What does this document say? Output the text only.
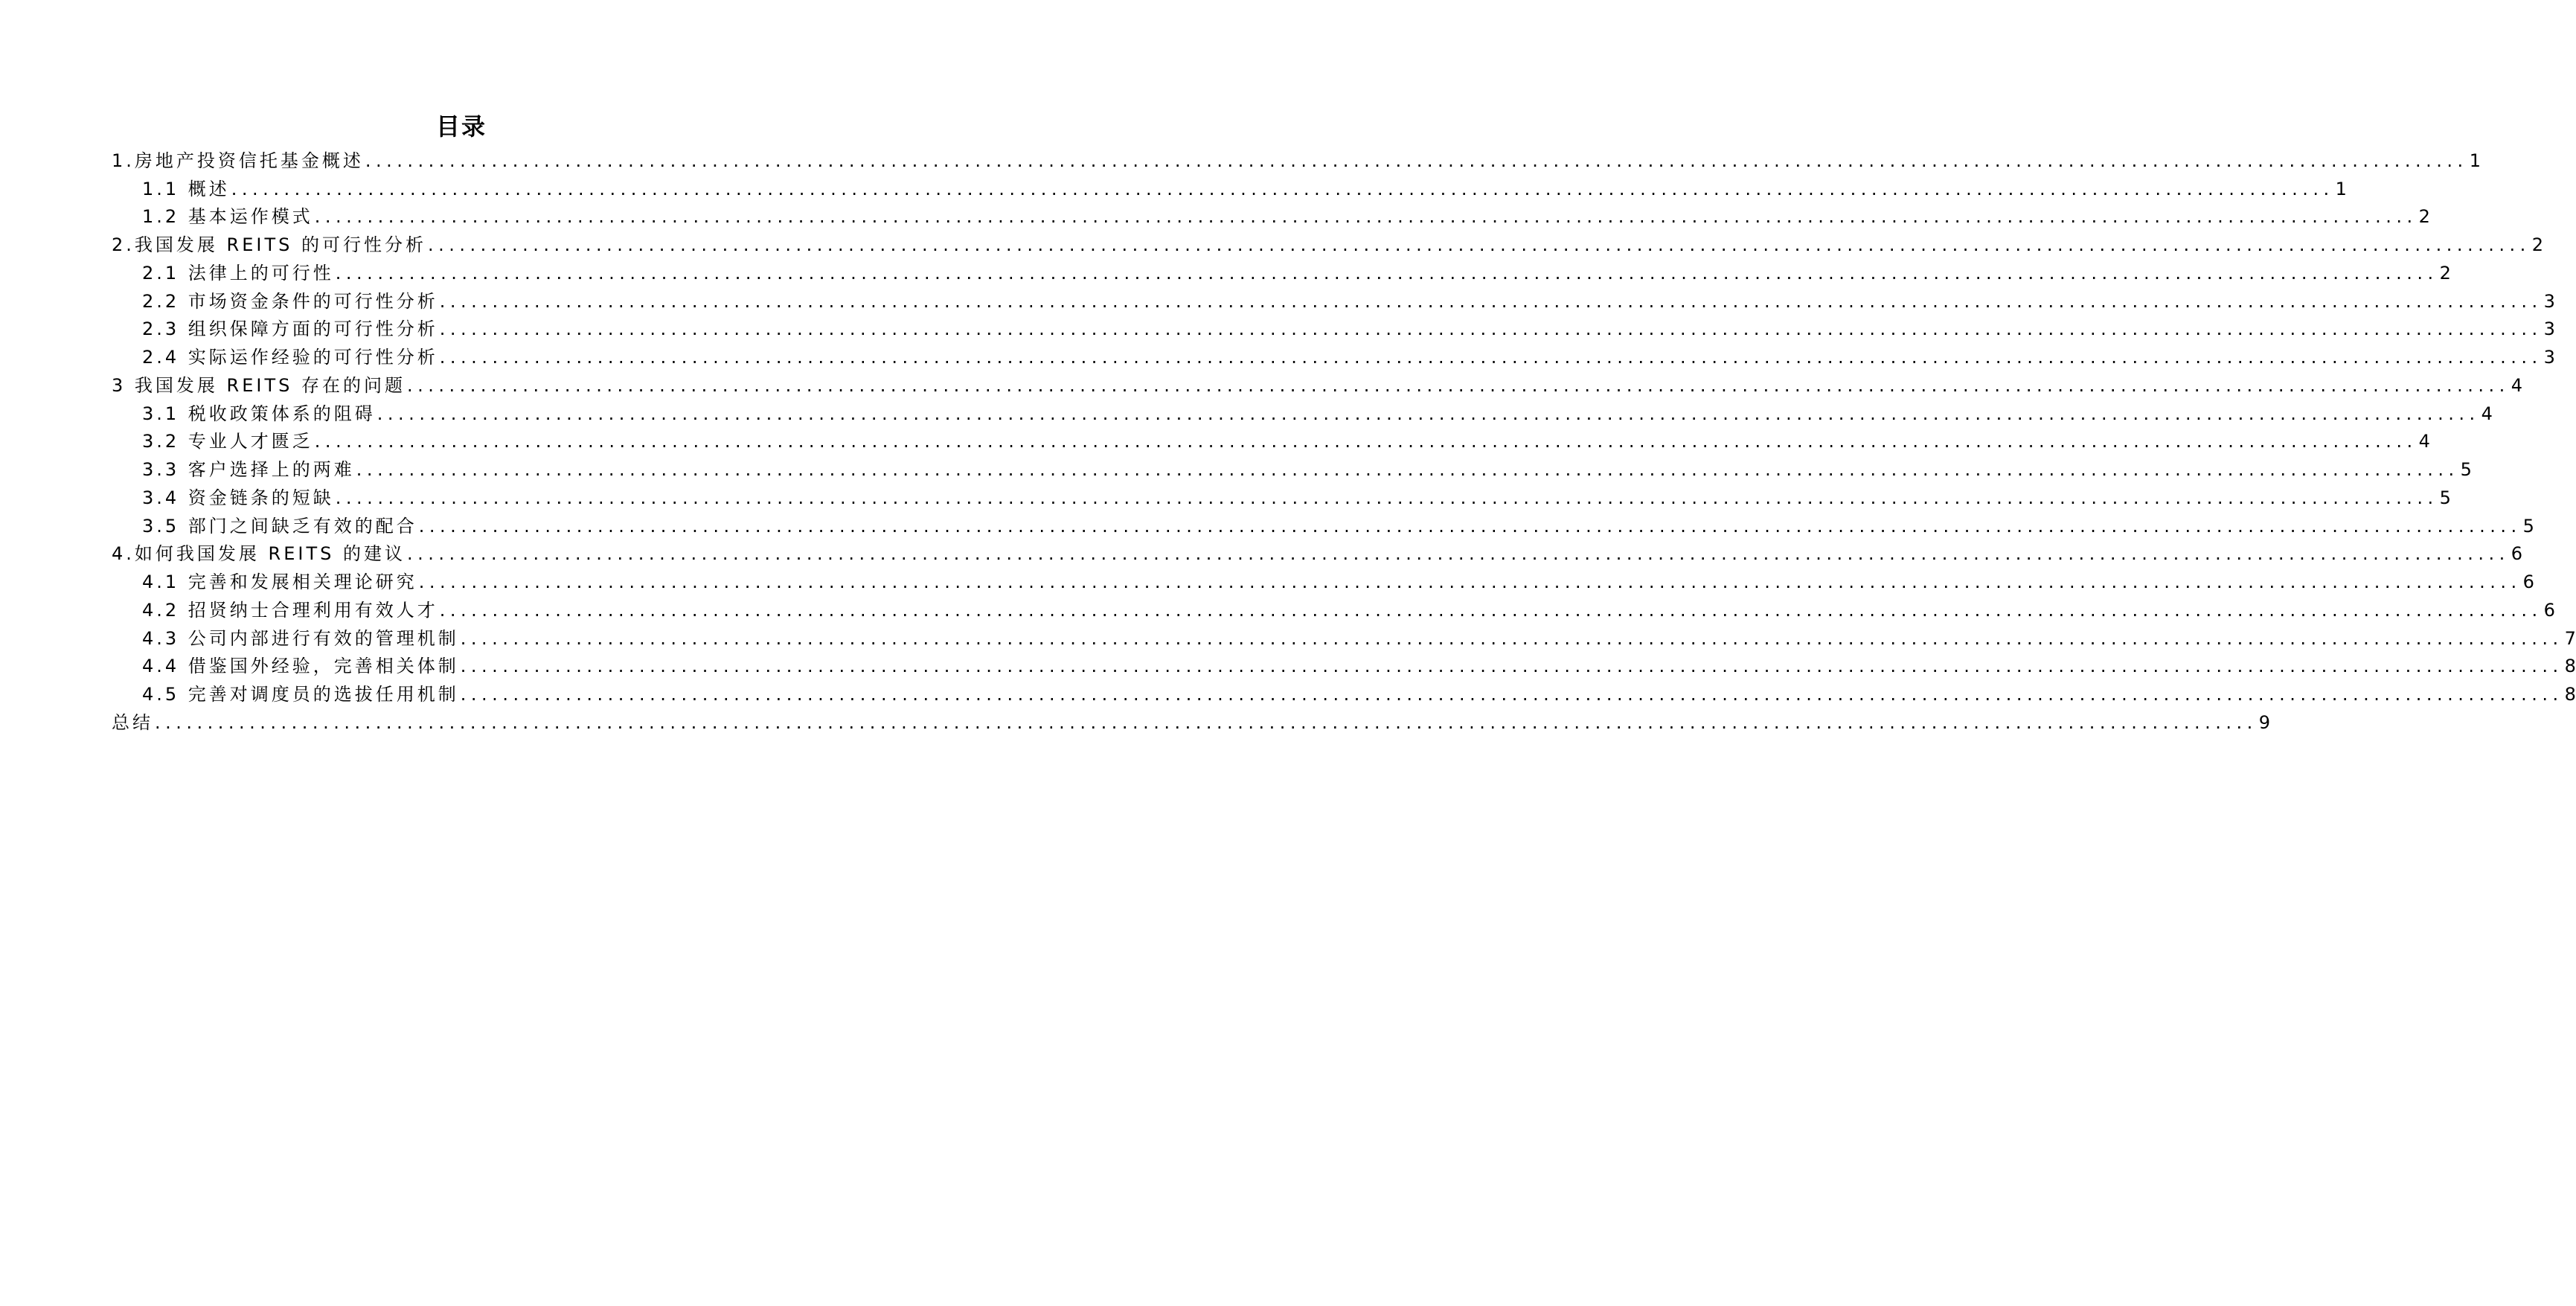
目录
1.房地产投资信托基金概述 ........................................................................................................................................................................................................ 1
1.1 概述 ........................................................................................................................................................................................................ 1
1.2 基本运作模式 ........................................................................................................................................................................................................ 2
2.我国发展 REITS 的可行性分析 ........................................................................................................................................................................................................ 2
2.1 法律上的可行性 ........................................................................................................................................................................................................ 2
2.2 市场资金条件的可行性分析 ........................................................................................................................................................................................................ 3
2.3 组织保障方面的可行性分析 ........................................................................................................................................................................................................ 3
2.4 实际运作经验的可行性分析 ........................................................................................................................................................................................................ 3
3 我国发展 REITS 存在的问题 ........................................................................................................................................................................................................ 4
3.1 税收政策体系的阻碍 ........................................................................................................................................................................................................ 4
3.2 专业人才匮乏 ........................................................................................................................................................................................................ 4
3.3 客户选择上的两难 ........................................................................................................................................................................................................ 5
3.4 资金链条的短缺 ........................................................................................................................................................................................................ 5
3.5 部门之间缺乏有效的配合 ........................................................................................................................................................................................................ 5
4.如何我国发展 REITS 的建议 ........................................................................................................................................................................................................ 6
4.1 完善和发展相关理论研究 ........................................................................................................................................................................................................ 6
4.2 招贤纳士合理利用有效人才 ........................................................................................................................................................................................................ 6
4.3 公司内部进行有效的管理机制 ........................................................................................................................................................................................................ 7
4.4 借鉴国外经验，完善相关体制 ........................................................................................................................................................................................................ 8
4.5 完善对调度员的选拔任用机制 ........................................................................................................................................................................................................ 8
总结 ........................................................................................................................................................................................................ 9
